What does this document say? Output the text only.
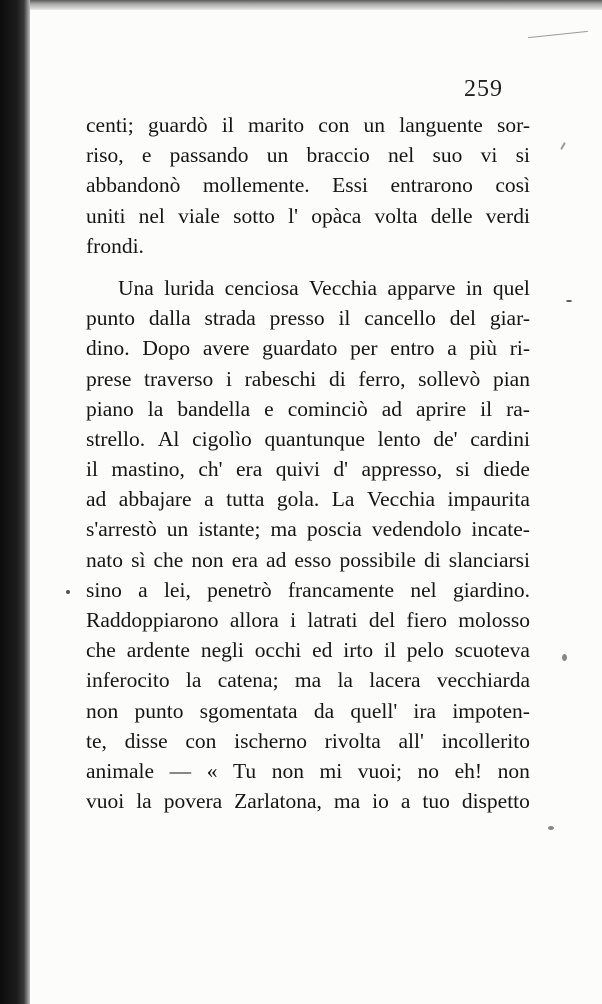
259
centi; guardò il marito con un languente sor-
riso, e passando un braccio nel suo vi si
abbandonò mollemente. Essi entrarono così
uniti nel viale sotto l' opàca volta delle verdi
frondi.
Una lurida cenciosa Vecchia apparve in quel
punto dalla strada presso il cancello del giar-
dino. Dopo avere guardato per entro a più ri-
prese traverso i rabeschi di ferro, sollevò pian
piano la bandella e cominciò ad aprire il ra-
strello. Al cigolìo quantunque lento de' cardini
il mastino, ch' era quivi d' appresso, si diede
ad abbajare a tutta gola. La Vecchia impaurita
s'arrestò un istante; ma poscia vedendolo incate-
nato sì che non era ad esso possibile di slanciarsi
sino a lei, penetrò francamente nel giardino.
Raddoppiarono allora i latrati del fiero molosso
che ardente negli occhi ed irto il pelo scuoteva
inferocito la catena; ma la lacera vecchiarda
non punto sgomentata da quell' ira impoten-
te, disse con ischerno rivolta all' incollerito
animale — « Tu non mi vuoi; no eh! non
vuoi la povera Zarlatona, ma io a tuo dispetto
